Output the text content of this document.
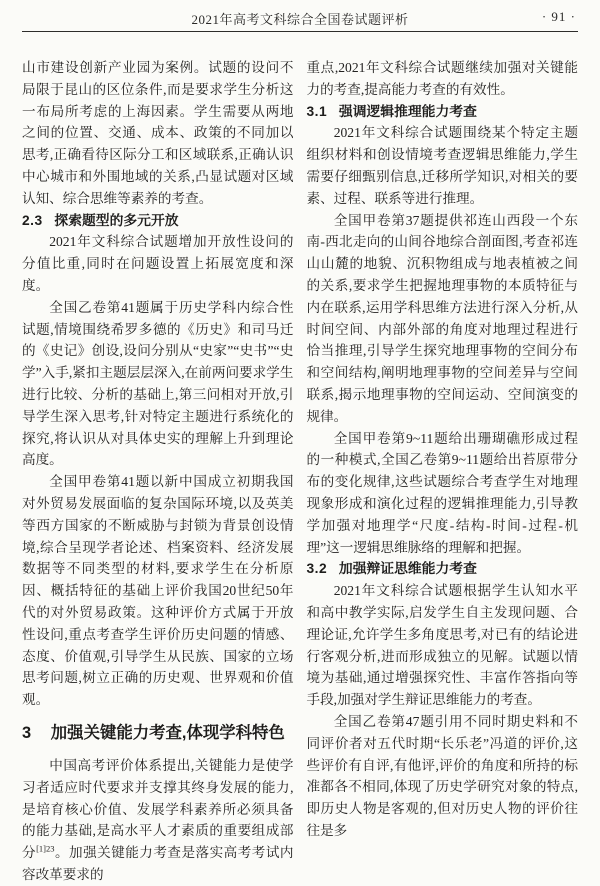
2021年高考文科综合全国卷试题评析	· 91 ·

山市建设创新产业园为案例。试题的设问不局限于昆山的区位条件,而是要求学生分析这一布局所考虑的上海因素。学生需要从两地之间的位置、交通、成本、政策的不同加以思考,正确看待区际分工和区域联系,正确认识中心城市和外围地域的关系,凸显试题对区域认知、综合思维等素养的考查。

2.3 探索题型的多元开放

2021年文科综合试题增加开放性设问的分值比重,同时在问题设置上拓展宽度和深度。

全国乙卷第41题属于历史学科内综合性试题,情境围绕希罗多德的《历史》和司马迁的《史记》创设,设问分别从“史家”“史书”“史学”入手,紧扣主题层层深入,在前两问要求学生进行比较、分析的基础上,第三问相对开放,引导学生深入思考,针对特定主题进行系统化的探究,将认识从对具体史实的理解上升到理论高度。

全国甲卷第41题以新中国成立初期我国对外贸易发展面临的复杂国际环境,以及英美等西方国家的不断威胁与封锁为背景创设情境,综合呈现学者论述、档案资料、经济发展数据等不同类型的材料,要求学生在分析原因、概括特征的基础上评价我国20世纪50年代的对外贸易政策。这种评价方式属于开放性设问,重点考查学生评价历史问题的情感、态度、价值观,引导学生从民族、国家的立场思考问题,树立正确的历史观、世界观和价值观。

3 加强关键能力考查,体现学科特色

中国高考评价体系提出,关键能力是使学习者适应时代要求并支撑其终身发展的能力,是培育核心价值、发展学科素养所必须具备的能力基础,是高水平人才素质的重要组成部分$^{[1]23}$。加强关键能力考查是落实高考考试内容改革要求的

重点,2021年文科综合试题继续加强对关键能力的考查,提高能力考查的有效性。

3.1 强调逻辑推理能力考查

2021年文科综合试题围绕某个特定主题组织材料和创设情境考查逻辑思维能力,学生需要仔细甄别信息,迁移所学知识,对相关的要素、过程、联系等进行推理。

全国甲卷第37题提供祁连山西段一个东南-西北走向的山间谷地综合剖面图,考查祁连山山麓的地貌、沉积物组成与地表植被之间的关系,要求学生把握地理事物的本质特征与内在联系,运用学科思维方法进行深入分析,从时间空间、内部外部的角度对地理过程进行恰当推理,引导学生探究地理事物的空间分布和空间结构,阐明地理事物的空间差异与空间联系,揭示地理事物的空间运动、空间演变的规律。

全国甲卷第9~11题给出珊瑚礁形成过程的一种模式,全国乙卷第9~11题给出苔原带分布的变化规律,这些试题综合考查学生对地理现象形成和演化过程的逻辑推理能力,引导教学加强对地理学“尺度-结构-时间-过程-机理”这一逻辑思维脉络的理解和把握。

3.2 加强辩证思维能力考查

2021年文科综合试题根据学生认知水平和高中教学实际,启发学生自主发现问题、合理论证,允许学生多角度思考,对已有的结论进行客观分析,进而形成独立的见解。试题以情境为基础,通过增强探究性、丰富作答指向等手段,加强对学生辩证思维能力的考查。

全国乙卷第47题引用不同时期史料和不同评价者对五代时期“长乐老”冯道的评价,这些评价有自评,有他评,评价的角度和所持的标准都各不相同,体现了历史学研究对象的特点,即历史人物是客观的,但对历史人物的评价往往是多
